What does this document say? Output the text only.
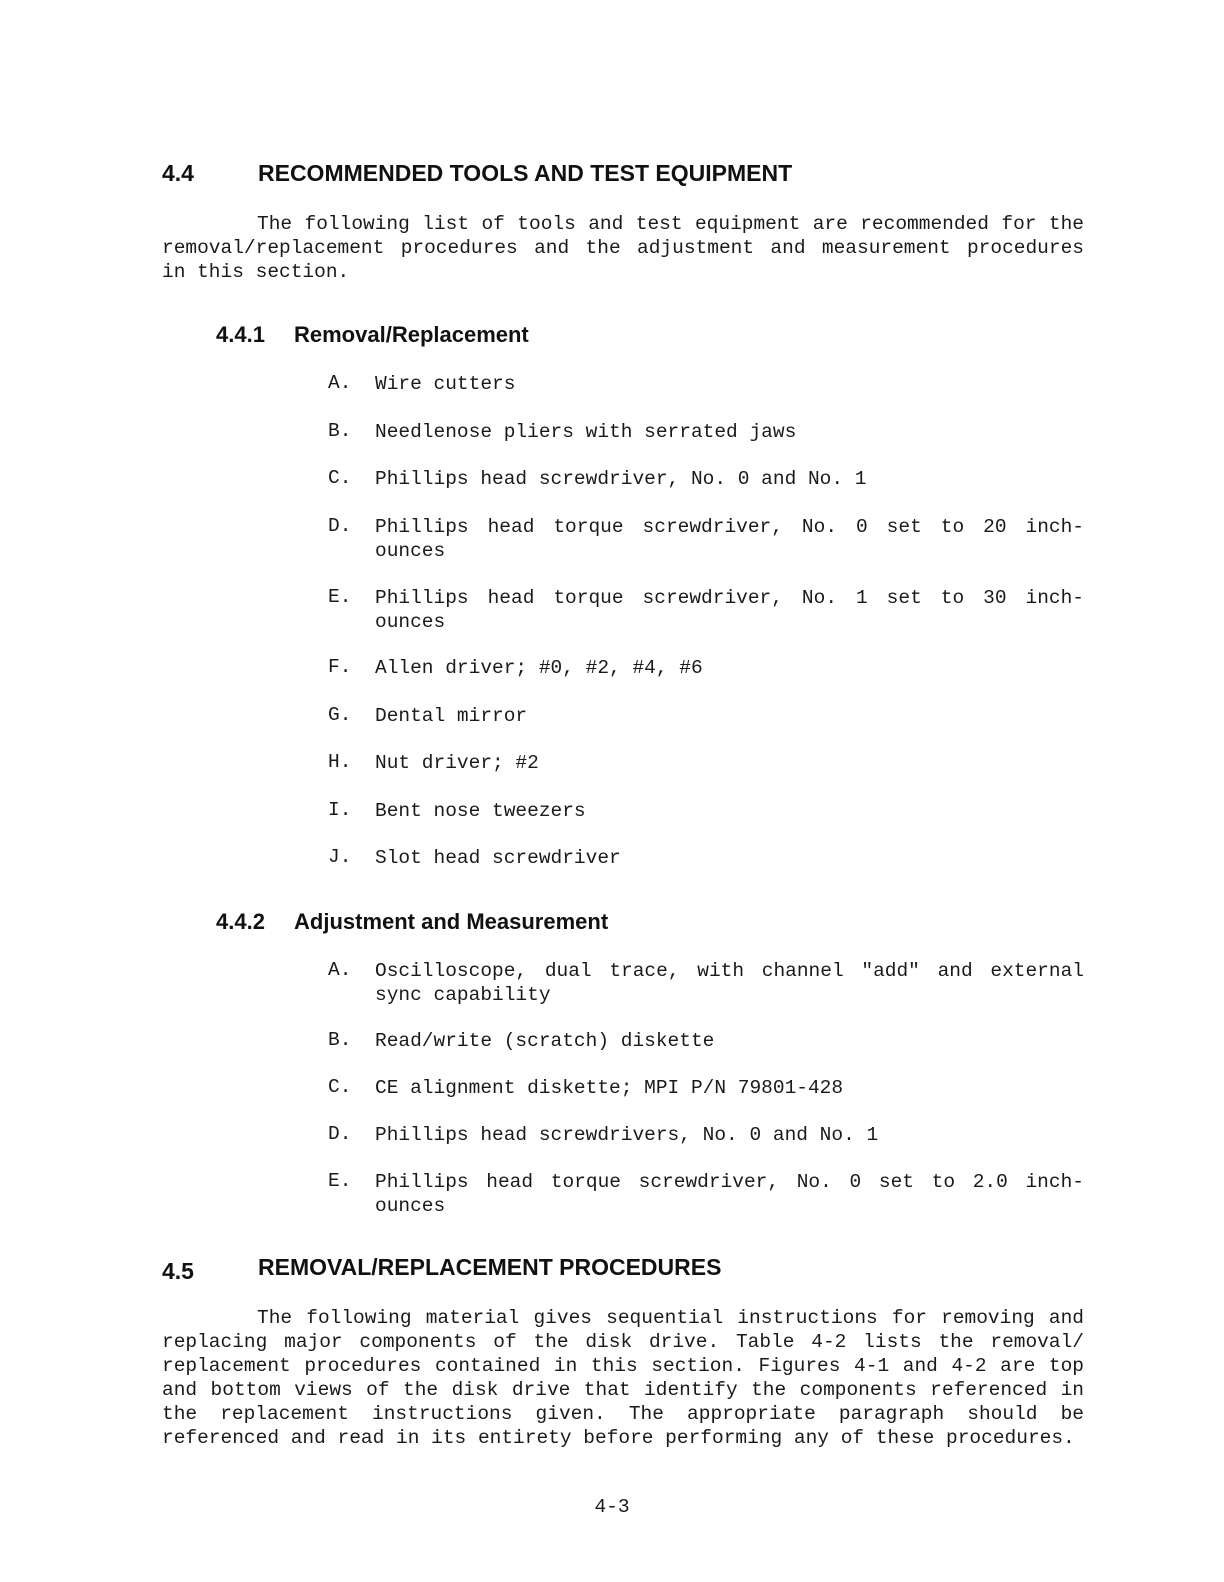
4.4	RECOMMENDED TOOLS AND TEST EQUIPMENT

The following list of tools and test equipment are recommended for the removal/replacement procedures and the adjustment and measurement procedures in this section.

4.4.1 Removal/Replacement
A.	Wire cutters
B.	Needlenose pliers with serrated jaws
C.	Phillips head screwdriver, No. 0 and No. 1
D.	Phillips head torque screwdriver, No. 0 set to 20 inch-ounces
E.	Phillips head torque screwdriver, No. 1 set to 30 inch-ounces
F.	Allen driver; #0, #2, #4, #6
G.	Dental mirror
H.	Nut driver; #2
I.	Bent nose tweezers
J.	Slot head screwdriver
4.4.2 Adjustment and Measurement
A.	Oscilloscope, dual trace, with channel "add" and external sync capability
B.	Read/write (scratch) diskette
C.	CE alignment diskette; MPI P/N 79801-428
D.	Phillips head screwdrivers, No. 0 and No. 1
E.	Phillips head torque screwdriver, No. 0 set to 2.0 inch-ounces
4.5	REMOVAL/REPLACEMENT PROCEDURES

The following material gives sequential instructions for removing and replacing major components of the disk drive. Table 4-2 lists the removal/ replacement procedures contained in this section. Figures 4-1 and 4-2 are top and bottom views of the disk drive that identify the components referenced in the replacement instructions given. The appropriate paragraph should be referenced and read in its entirety before performing any of these procedures.

4-3
